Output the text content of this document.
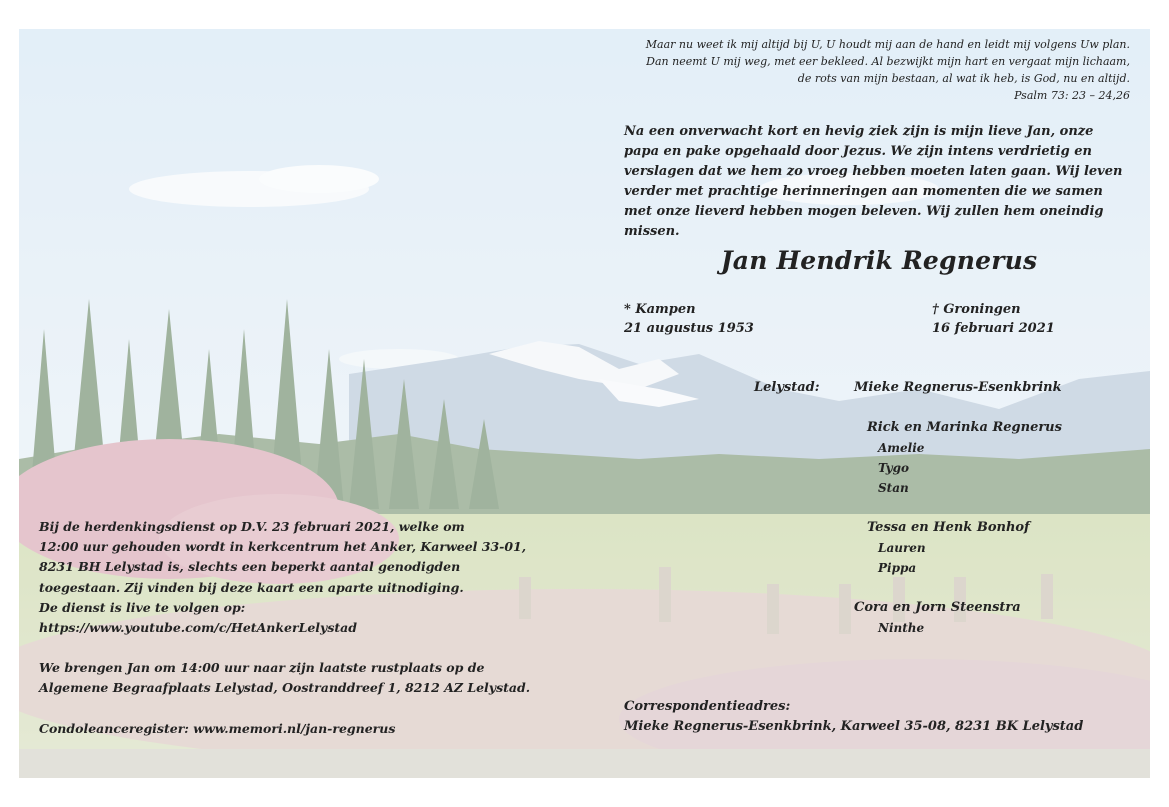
Maar nu weet ik mij altijd bij U, U houdt mij aan de hand en leidt mij volgens Uw plan.
Dan neemt U mij weg, met eer bekleed. Al bezwijkt mijn hart en vergaat mijn lichaam,
de rots van mijn bestaan, al wat ik heb, is God, nu en altijd.
Psalm 73: 23 – 24,26
Na een onverwacht kort en hevig ziek zijn is mijn lieve Jan, onze papa en pake opgehaald door Jezus. We zijn intens verdrietig en verslagen dat we hem zo vroeg hebben moeten laten gaan. Wij leven verder met prachtige herinneringen aan momenten die we samen met onze lieverd hebben mogen beleven. Wij zullen hem oneindig missen.
Jan Hendrik Regnerus
* Kampen
21 augustus 1953
† Groningen
16 februari 2021
Lelystad:	Mieke Regnerus-Esenkbrink
Rick en Marinka Regnerus
Amelie
Tygo
Stan
Tessa en Henk Bonhof
Lauren
Pippa
Cora en Jorn Steenstra
Ninthe
Bij de herdenkingsdienst op D.V. 23 februari 2021, welke om
12:00 uur gehouden wordt in kerkcentrum het Anker, Karweel 33-01,
8231 BH Lelystad is, slechts een beperkt aantal genodigden
toegestaan. Zij vinden bij deze kaart een aparte uitnodiging.
De dienst is live te volgen op:
https://www.youtube.com/c/HetAnkerLelystad
We brengen Jan om 14:00 uur naar zijn laatste rustplaats op de
Algemene Begraafplaats Lelystad, Oostranddreef 1, 8212 AZ Lelystad.
Condoleanceregister: www.memori.nl/jan-regnerus
Correspondentieadres:
Mieke Regnerus-Esenkbrink, Karweel 35-08, 8231 BK Lelystad
